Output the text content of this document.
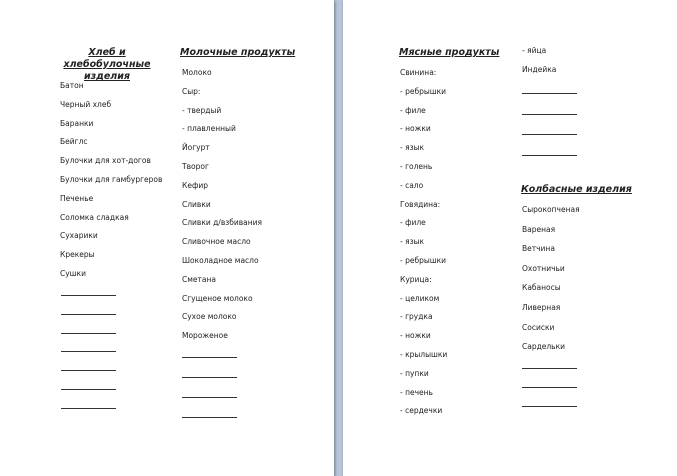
Хлеб и хлебобулочные изделия
Батон
Черный хлеб
Баранки
Бейглс
Булочки для хот-догов
Булочки для гамбургеров
Печенье
Соломка сладкая
Сухарики
Крекеры
Сушки
Молочные продукты
Молоко
Сыр:
- твердый
- плавленный
Йогурт
Творог
Кефир
Сливки
Сливки д/взбивания
Сливочное масло
Шоколадное масло
Сметана
Сгущеное молоко
Сухое молоко
Мороженое
Мясные продукты
Свинина:
- ребрышки
- филе
- ножки
- язык
- голень
- сало
Говядина:
- филе
- язык
- ребрышки
Курица:
- целиком
- грудка
- ножки
- крылышки
- пупки
- печень
- сердечки
- яйца
Индейка
Колбасные изделия
Сырокопченая
Вареная
Ветчина
Охотничьи
Кабаносы
Ливерная
Сосиски
Сардельки
